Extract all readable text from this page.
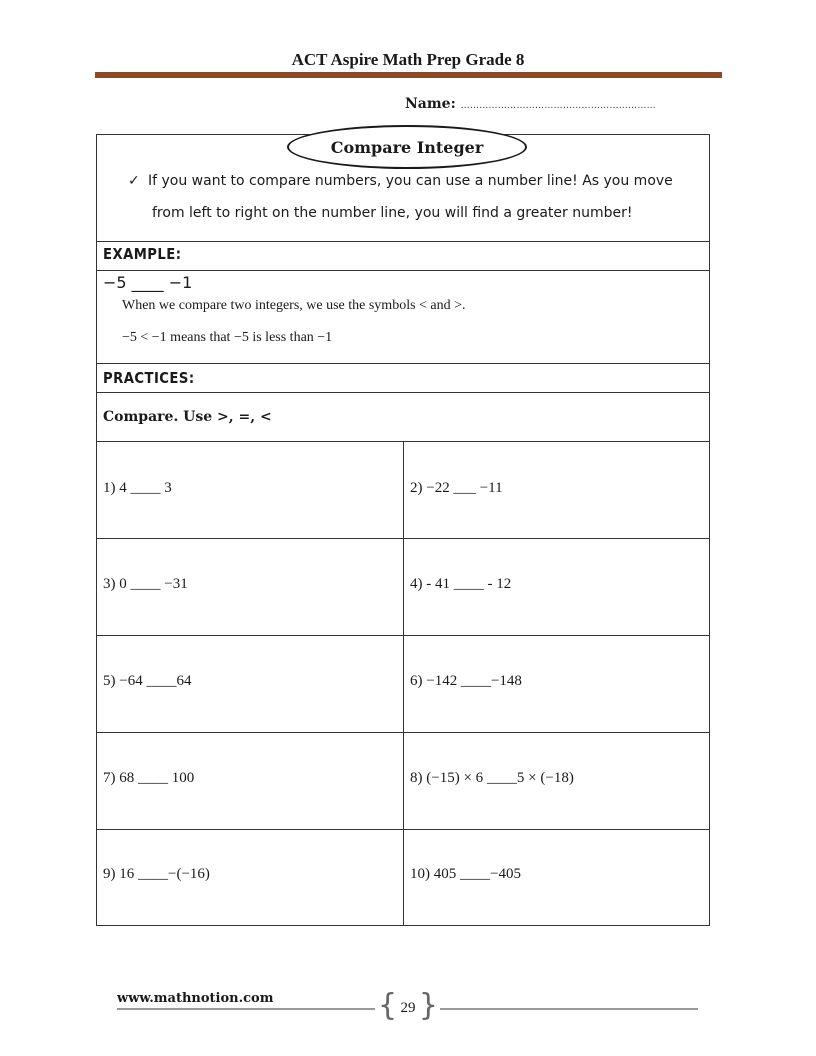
ACT Aspire Math Prep Grade 8
Name: ………………………………………………………
Compare Integer
✓ If you want to compare numbers, you can use a number line! As you move
from left to right on the number line, you will find a greater number!
EXAMPLE:
−5 ____ −1
When we compare two integers, we use the symbols < and >.
−5 < −1 means that −5 is less than −1
PRACTICES:
Compare. Use >, =, <
1) 4 ____ 3	2) −22 ___ −11
3) 0 ____ −31	4) - 41 ____ - 12
5) −64 ____64	6) −142 ____−148
7) 68 ____ 100	8) (−15) × 6 ____5 × (−18)
9) 16 ____−(−16)	10) 405 ____−405
www.mathnotion.com	{ 29 }
